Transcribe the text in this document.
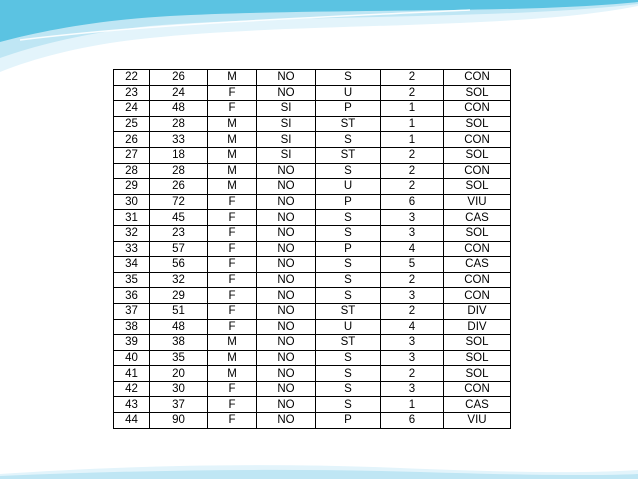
22	26	M	NO	S	2	CON
23	24	F	NO	U	2	SOL
24	48	F	SI	P	1	CON
25	28	M	SI	ST	1	SOL
26	33	M	SI	S	1	CON
27	18	M	SI	ST	2	SOL
28	28	M	NO	S	2	CON
29	26	M	NO	U	2	SOL
30	72	F	NO	P	6	VIU
31	45	F	NO	S	3	CAS
32	23	F	NO	S	3	SOL
33	57	F	NO	P	4	CON
34	56	F	NO	S	5	CAS
35	32	F	NO	S	2	CON
36	29	F	NO	S	3	CON
37	51	F	NO	ST	2	DIV
38	48	F	NO	U	4	DIV
39	38	M	NO	ST	3	SOL
40	35	M	NO	S	3	SOL
41	20	M	NO	S	2	SOL
42	30	F	NO	S	3	CON
43	37	F	NO	S	1	CAS
44	90	F	NO	P	6	VIU
